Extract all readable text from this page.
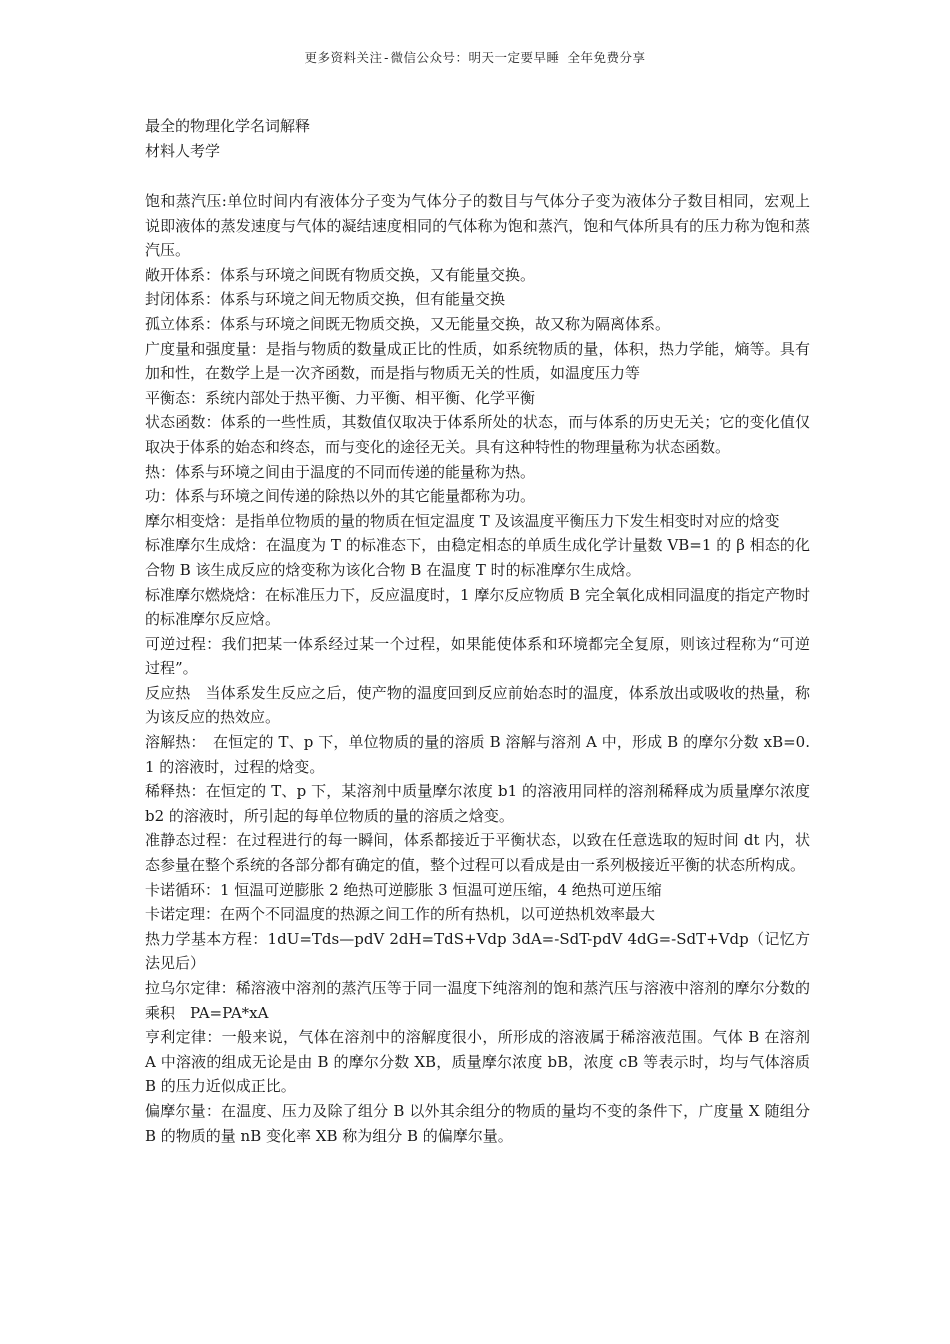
更多资料关注-微信公众号：明天一定要早睡 全年免费分享
最全的物理化学名词解释
材料人考学
饱和蒸汽压:单位时间内有液体分子变为气体分子的数目与气体分子变为液体分子数目相同，宏观上说即液体的蒸发速度与气体的凝结速度相同的气体称为饱和蒸汽，饱和气体所具有的压力称为饱和蒸汽压。
敞开体系：体系与环境之间既有物质交换，又有能量交换。
封闭体系：体系与环境之间无物质交换，但有能量交换
孤立体系：体系与环境之间既无物质交换，又无能量交换，故又称为隔离体系。
广度量和强度量：是指与物质的数量成正比的性质，如系统物质的量，体积，热力学能，熵等。具有加和性，在数学上是一次齐函数，而是指与物质无关的性质，如温度压力等
平衡态：系统内部处于热平衡、力平衡、相平衡、化学平衡
状态函数：体系的一些性质，其数值仅取决于体系所处的状态，而与体系的历史无关；它的变化值仅取决于体系的始态和终态，而与变化的途径无关。具有这种特性的物理量称为状态函数。
热：体系与环境之间由于温度的不同而传递的能量称为热。
功：体系与环境之间传递的除热以外的其它能量都称为功。
摩尔相变焓：是指单位物质的量的物质在恒定温度 T 及该温度平衡压力下发生相变时对应的焓变
标准摩尔生成焓：在温度为 T 的标准态下，由稳定相态的单质生成化学计量数 VB=1 的 β 相态的化合物 B 该生成反应的焓变称为该化合物 B 在温度 T 时的标准摩尔生成焓。
标准摩尔燃烧焓：在标准压力下，反应温度时，1 摩尔反应物质 B 完全氧化成相同温度的指定产物时的标准摩尔反应焓。
可逆过程：我们把某一体系经过某一个过程，如果能使体系和环境都完全复原，则该过程称为“可逆过程”。
反应热　当体系发生反应之后，使产物的温度回到反应前始态时的温度，体系放出或吸收的热量，称为该反应的热效应。
溶解热：　在恒定的 T、p 下，单位物质的量的溶质 B 溶解与溶剂 A 中，形成 B 的摩尔分数 xB=0.1 的溶液时，过程的焓变。
稀释热：在恒定的 T、p 下，某溶剂中质量摩尔浓度 b1 的溶液用同样的溶剂稀释成为质量摩尔浓度 b2 的溶液时，所引起的每单位物质的量的溶质之焓变。
准静态过程：在过程进行的每一瞬间，体系都接近于平衡状态，以致在任意选取的短时间 dt 内，状态参量在整个系统的各部分都有确定的值，整个过程可以看成是由一系列极接近平衡的状态所构成。
卡诺循环：1 恒温可逆膨胀 2 绝热可逆膨胀 3 恒温可逆压缩，4 绝热可逆压缩
卡诺定理：在两个不同温度的热源之间工作的所有热机，以可逆热机效率最大
热力学基本方程：1dU=Tds—pdV 2dH=TdS+Vdp 3dA=-SdT-pdV 4dG=-SdT+Vdp（记忆方法见后）
拉乌尔定律：稀溶液中溶剂的蒸汽压等于同一温度下纯溶剂的饱和蒸汽压与溶液中溶剂的摩尔分数的乘积　PA=PA*xA
亨利定律：一般来说，气体在溶剂中的溶解度很小，所形成的溶液属于稀溶液范围。气体 B 在溶剂 A 中溶液的组成无论是由 B 的摩尔分数 XB，质量摩尔浓度 bB，浓度 cB 等表示时，均与气体溶质 B 的压力近似成正比。
偏摩尔量：在温度、压力及除了组分 B 以外其余组分的物质的量均不变的条件下，广度量 X 随组分 B 的物质的量 nB 变化率 XB 称为组分 B 的偏摩尔量。
